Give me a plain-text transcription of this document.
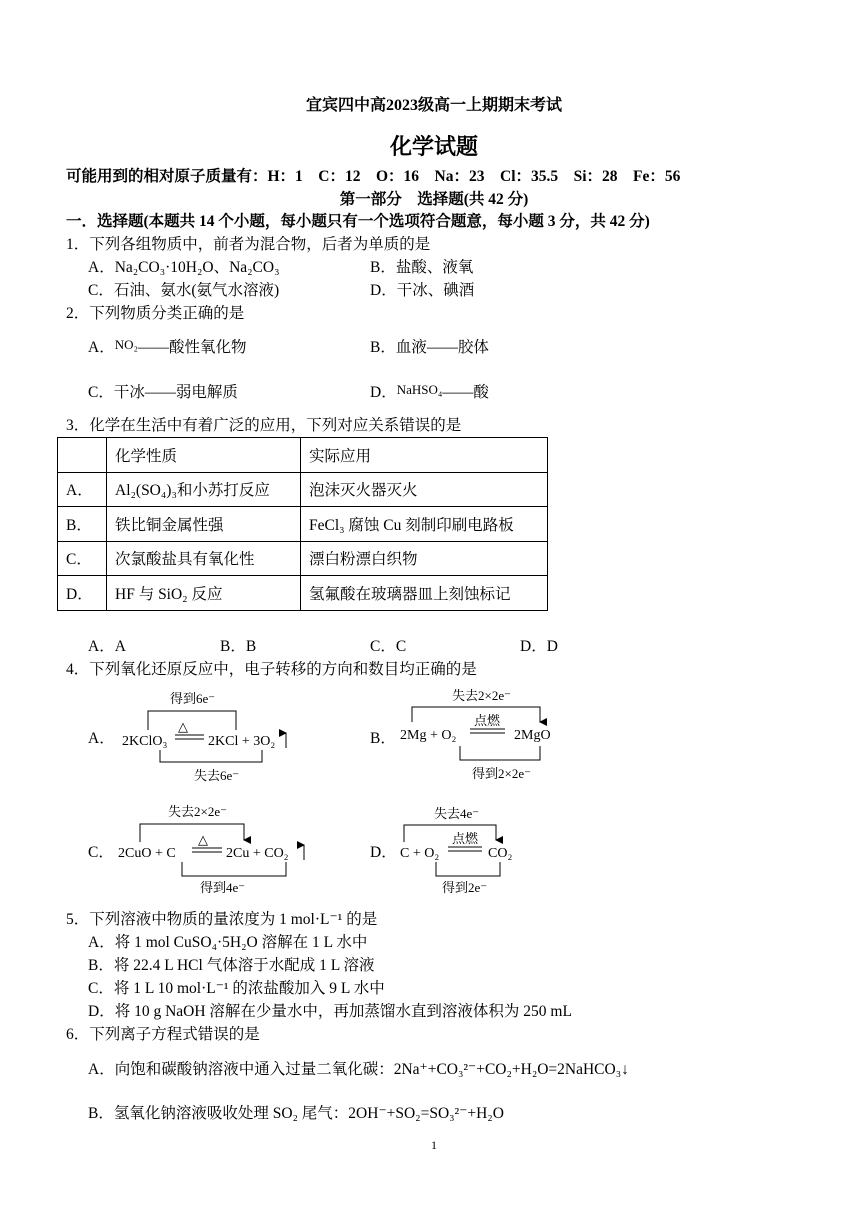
宜宾四中高2023级高一上期期末考试
化学试题
可能用到的相对原子质量有：H：1　C：12　O：16　Na：23　Cl：35.5　Si：28　Fe：56
第一部分　选择题(共 42 分)
一．选择题(本题共 14 个小题，每小题只有一个选项符合题意，每小题 3 分，共 42 分)
1．下列各组物质中，前者为混合物，后者为单质的是
A．Na₂CO₃·10H₂O、Na₂CO₃	B．盐酸、液氧
C．石油、氨水(氨气水溶液)	D．干冰、碘酒
2．下列物质分类正确的是
A．NO₂——酸性氧化物	B．血液——胶体
C．干冰——弱电解质	D．NaHSO₄——酸
3．化学在生活中有着广泛的应用，下列对应关系错误的是
	化学性质	实际应用
A．	Al₂(SO₄)₃和小苏打反应	泡沫灭火器灭火
B．	铁比铜金属性强	FeCl₃ 腐蚀 Cu 刻制印刷电路板
C．	次氯酸盐具有氧化性	漂白粉漂白织物
D．	HF 与 SiO₂ 反应	氢氟酸在玻璃器皿上刻蚀标记
A．A	B．B	C．C	D．D
4．下列氧化还原反应中，电子转移的方向和数目均正确的是
A．
得到6e⁻
2KClO₃
△
2KCl + 3O₂
失去6e⁻
B．
失去2×2e⁻
2Mg + O₂
点燃
2MgO
得到2×2e⁻
C．
失去2×2e⁻
2CuO + C
△
2Cu + CO₂
得到4e⁻
D．
失去4e⁻
C + O₂
点燃
CO₂
得到2e⁻
5．下列溶液中物质的量浓度为 1 mol·L⁻¹ 的是
A．将 1 mol CuSO₄·5H₂O 溶解在 1 L 水中
B．将 22.4 L HCl 气体溶于水配成 1 L 溶液
C．将 1 L 10 mol·L⁻¹ 的浓盐酸加入 9 L 水中
D．将 10 g NaOH 溶解在少量水中，再加蒸馏水直到溶液体积为 250 mL
6．下列离子方程式错误的是
A．向饱和碳酸钠溶液中通入过量二氧化碳：2Na⁺+CO₃²⁻+CO₂+H₂O=2NaHCO₃↓
B．氢氧化钠溶液吸收处理 SO₂ 尾气：2OH⁻+SO₂=SO₃²⁻+H₂O
1
